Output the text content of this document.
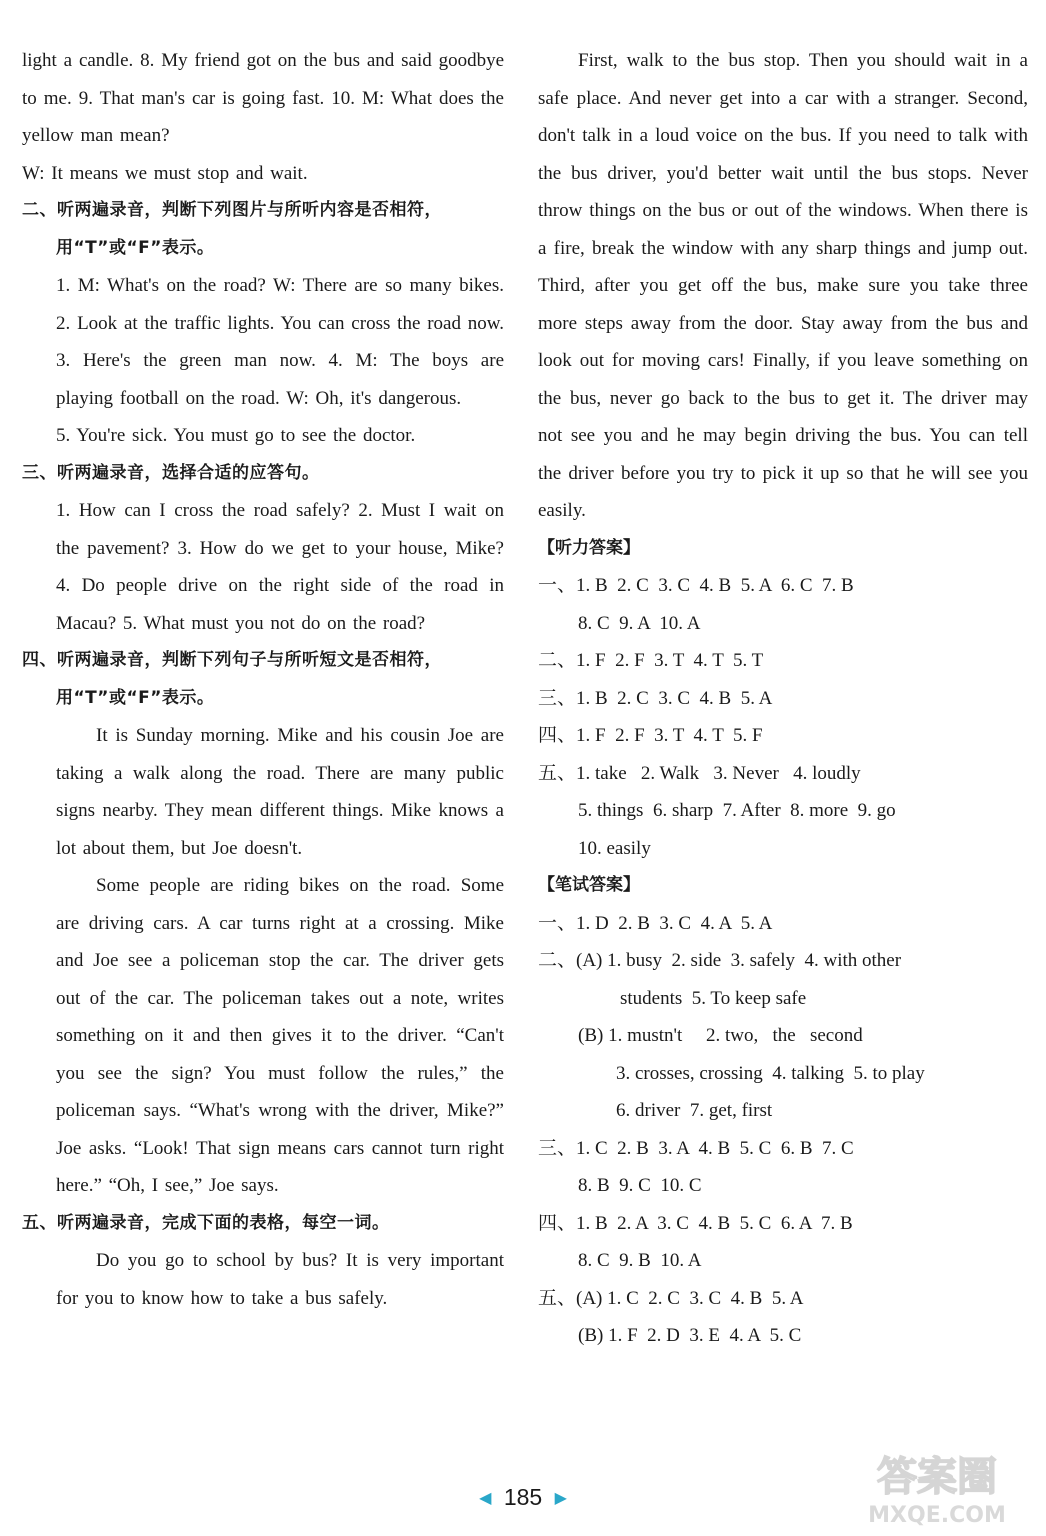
light a candle. 8. My friend got on the bus and said goodbye to me. 9. That man's car is going fast. 10. M: What does the yellow man mean?

W: It means we must stop and wait.

二、听两遍录音，判断下列图片与所听内容是否相符，

用“T”或“F”表示。

1. M: What's on the road? W: There are so many bikes. 2. Look at the traffic lights. You can cross the road now. 3. Here's the green man now. 4. M: The boys are playing football on the road. W: Oh, it's dangerous.

5. You're sick. You must go to see the doctor.

三、听两遍录音，选择合适的应答句。

1. How can I cross the road safely? 2. Must I wait on the pavement? 3. How do we get to your house, Mike? 4. Do people drive on the right side of the road in Macau? 5. What must you not do on the road?

四、听两遍录音，判断下列句子与所听短文是否相符，

用“T”或“F”表示。

It is Sunday morning. Mike and his cousin Joe are taking a walk along the road. There are many public signs nearby. They mean different things. Mike knows a lot about them, but Joe doesn't.

Some people are riding bikes on the road. Some are driving cars. A car turns right at a crossing. Mike and Joe see a policeman stop the car. The driver gets out of the car. The policeman takes out a note, writes something on it and then gives it to the driver. “Can't you see the sign? You must follow the rules,” the policeman says. “What's wrong with the driver, Mike?” Joe asks. “Look! That sign means cars cannot turn right here.” “Oh, I see,” Joe says.

五、听两遍录音，完成下面的表格，每空一词。

Do you go to school by bus? It is very important for you to know how to take a bus safely.

First, walk to the bus stop. Then you should wait in a safe place. And never get into a car with a stranger. Second, don't talk in a loud voice on the bus. If you need to talk with the bus driver, you'd better wait until the bus stops. Never throw things on the bus or out of the windows. When there is a fire, break the window with any sharp things and jump out. Third, after you get off the bus, make sure you take three more steps away from the door. Stay away from the bus and look out for moving cars! Finally, if you leave something on the bus, never go back to the bus to get it. The driver may not see you and he may begin driving the bus. You can tell the driver before you try to pick it up so that he will see you easily.

【听力答案】

一、1. B  2. C  3. C  4. B  5. A  6. C  7. B

8. C  9. A  10. A

二、1. F  2. F  3. T  4. T  5. T

三、1. B  2. C  3. C  4. B  5. A

四、1. F  2. F  3. T  4. T  5. F

五、1. take   2. Walk   3. Never   4. loudly

5. things  6. sharp  7. After  8. more  9. go

10. easily

【笔试答案】

一、1. D  2. B  3. C  4. A  5. A

二、(A) 1. busy  2. side  3. safely  4. with other

students  5. To keep safe

(B) 1. mustn't     2. two,   the   second

3. crosses, crossing  4. talking  5. to play

6. driver  7. get, first

三、1. C  2. B  3. A  4. B  5. C  6. B  7. C

8. B  9. C  10. C

四、1. B  2. A  3. C  4. B  5. C  6. A  7. B

8. C  9. B  10. A

五、(A) 1. C  2. C  3. C  4. B  5. A

(B) 1. F  2. D  3. E  4. A  5. C

◀ 185 ▶	答案圈
MXQE.COM
